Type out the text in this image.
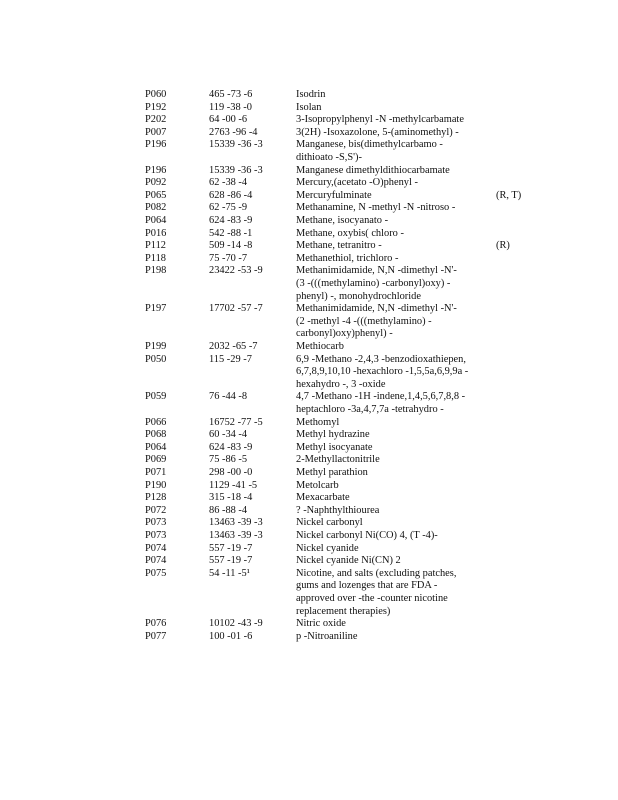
P060	465 -73 -6	Isodrin
P192	119 -38 -0	Isolan
P202	64 -00 -6	3-Isopropylphenyl -N -methylcarbamate
P007	2763 -96 -4	3(2H) -Isoxazolone, 5-(aminomethyl) -
P196	15339 -36 -3	Manganese, bis(dimethylcarbamo -
dithioato -S,S')-
P196	15339 -36 -3	Manganese dimethyldithiocarbamate
P092	62 -38 -4	Mercury,(acetato -O)phenyl -
P065	628 -86 -4	Mercuryfulminate	(R, T)
P082	62 -75 -9	Methanamine, N -methyl -N -nitroso -
P064	624 -83 -9	Methane, isocyanato -
P016	542 -88 -1	Methane, oxybis( chloro -
P112	509 -14 -8	Methane, tetranitro -	(R)
P118	75 -70 -7	Methanethiol, trichloro -
P198	23422 -53 -9	Methanimidamide, N,N -dimethyl -N'-
(3 -(((methylamino) -carbonyl)oxy) -
phenyl) -, monohydrochloride
P197	17702 -57 -7	Methanimidamide, N,N -dimethyl -N'-
(2 -methyl -4 -(((methylamino) -
carbonyl)oxy)phenyl) -
P199	2032 -65 -7	Methiocarb
P050	115 -29 -7	6,9 -Methano -2,4,3 -benzodioxathiepen,
6,7,8,9,10,10 -hexachloro -1,5,5a,6,9,9a -
hexahydro -, 3 -oxide
P059	76 -44 -8	4,7 -Methano -1H -indene,1,4,5,6,7,8,8 -
heptachloro -3a,4,7,7a -tetrahydro -
P066	16752 -77 -5	Methomyl
P068	60 -34 -4	Methyl hydrazine
P064	624 -83 -9	Methyl isocyanate
P069	75 -86 -5	2-Methyllactonitrile
P071	298 -00 -0	Methyl parathion
P190	1129 -41 -5	Metolcarb
P128	315 -18 -4	Mexacarbate
P072	86 -88 -4	? -Naphthylthiourea
P073	13463 -39 -3	Nickel carbonyl
P073	13463 -39 -3	Nickel carbonyl Ni(CO) 4, (T -4)-
P074	557 -19 -7	Nickel cyanide
P074	557 -19 -7	Nickel cyanide Ni(CN) 2
P075	54 -11 -5¹	Nicotine, and salts (excluding patches,
gums and lozenges that are FDA -
approved over -the -counter nicotine
replacement therapies)
P076	10102 -43 -9	Nitric oxide
P077	100 -01 -6	p -Nitroaniline
